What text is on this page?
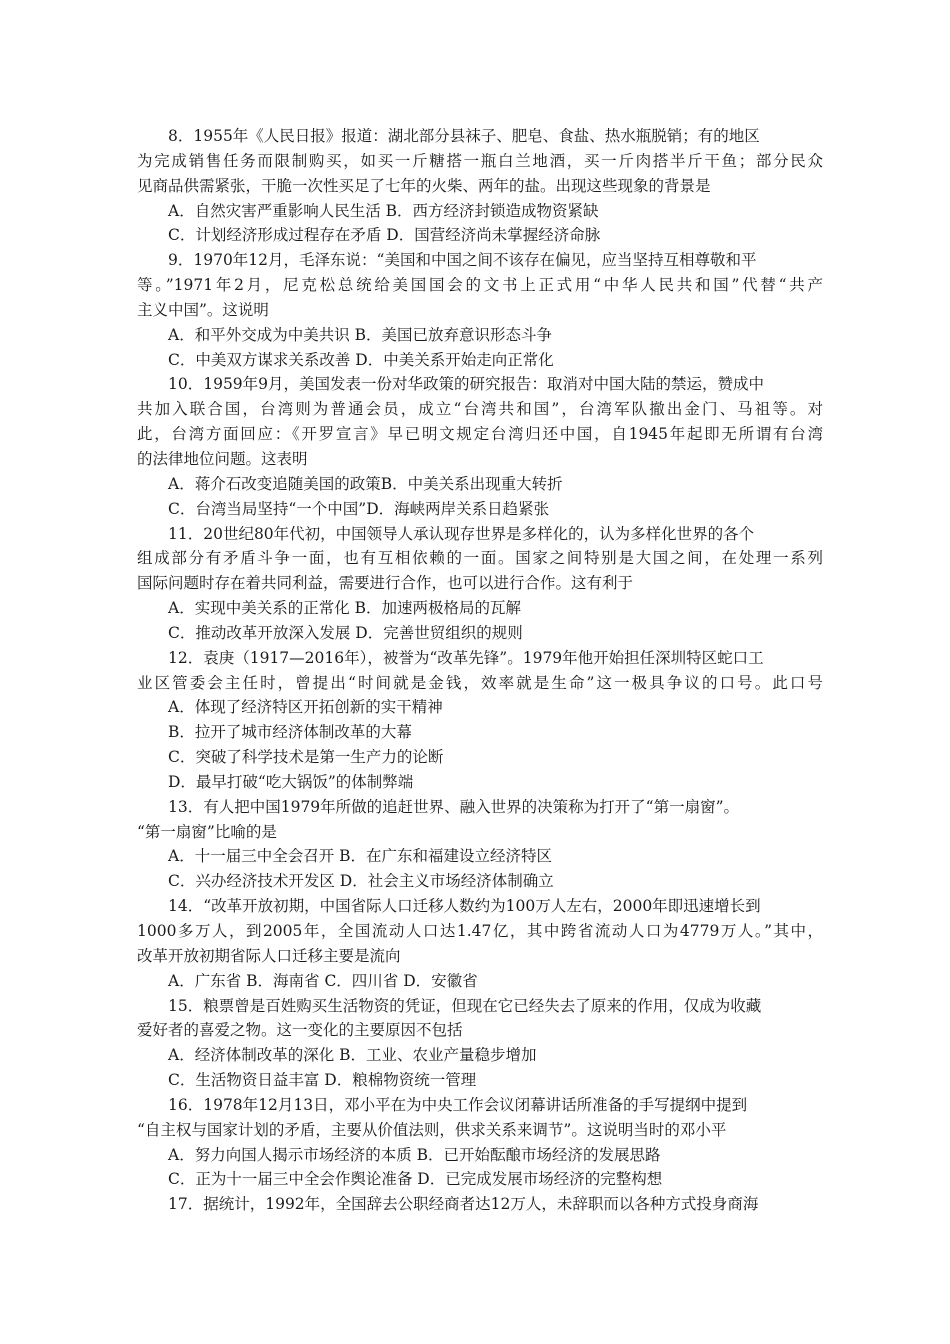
8．1955年《人民日报》报道：湖北部分县袜子、肥皂、食盐、热水瓶脱销；有的地区
为完成销售任务而限制购买，如买一斤糖搭一瓶白兰地酒，买一斤肉搭半斤干鱼；部分民众
见商品供需紧张，干脆一次性买足了七年的火柴、两年的盐。出现这些现象的背景是
A．自然灾害严重影响人民生活 B．西方经济封锁造成物资紧缺
C．计划经济形成过程存在矛盾 D．国营经济尚未掌握经济命脉
9．1970年12月，毛泽东说：“美国和中国之间不该存在偏见，应当坚持互相尊敬和平
等。”1971年2月，尼克松总统给美国国会的文书上正式用“中华人民共和国”代替“共产
主义中国”。这说明
A．和平外交成为中美共识 B．美国已放弃意识形态斗争
C．中美双方谋求关系改善 D．中美关系开始走向正常化
10．1959年9月，美国发表一份对华政策的研究报告：取消对中国大陆的禁运，赞成中
共加入联合国，台湾则为普通会员，成立“台湾共和国”，台湾军队撤出金门、马祖等。对
此，台湾方面回应：《开罗宣言》早已明文规定台湾归还中国，自1945年起即无所谓有台湾
的法律地位问题。这表明
A．蒋介石改变追随美国的政策B．中美关系出现重大转折
C．台湾当局坚持“一个中国”D．海峡两岸关系日趋紧张
11．20世纪80年代初，中国领导人承认现存世界是多样化的，认为多样化世界的各个
组成部分有矛盾斗争一面，也有互相依赖的一面。国家之间特别是大国之间，在处理一系列
国际问题时存在着共同利益，需要进行合作，也可以进行合作。这有利于
A．实现中美关系的正常化 B．加速两极格局的瓦解
C．推动改革开放深入发展 D．完善世贸组织的规则
12．袁庚（1917—2016年），被誉为“改革先锋”。1979年他开始担任深圳特区蛇口工
业区管委会主任时，曾提出“时间就是金钱，效率就是生命”这一极具争议的口号。此口号
A．体现了经济特区开拓创新的实干精神
B．拉开了城市经济体制改革的大幕
C．突破了科学技术是第一生产力的论断
D．最早打破“吃大锅饭”的体制弊端
13．有人把中国1979年所做的追赶世界、融入世界的决策称为打开了“第一扇窗”。
“第一扇窗”比喻的是
A．十一届三中全会召开 B．在广东和福建设立经济特区
C．兴办经济技术开发区 D．社会主义市场经济体制确立
14．“改革开放初期，中国省际人口迁移人数约为100万人左右，2000年即迅速增长到
1000多万人，到2005年，全国流动人口达1.47亿，其中跨省流动人口为4779万人。”其中，
改革开放初期省际人口迁移主要是流向
A．广东省 B．海南省 C．四川省 D．安徽省
15．粮票曾是百姓购买生活物资的凭证，但现在它已经失去了原来的作用，仅成为收藏
爱好者的喜爱之物。这一变化的主要原因不包括
A．经济体制改革的深化 B．工业、农业产量稳步增加
C．生活物资日益丰富 D．粮棉物资统一管理
16．1978年12月13日，邓小平在为中央工作会议闭幕讲话所准备的手写提纲中提到
“自主权与国家计划的矛盾，主要从价值法则，供求关系来调节”。这说明当时的邓小平
A．努力向国人揭示市场经济的本质 B．已开始酝酿市场经济的发展思路
C．正为十一届三中全会作舆论准备 D．已完成发展市场经济的完整构想
17．据统计，1992年，全国辞去公职经商者达12万人，未辞职而以各种方式投身商海
